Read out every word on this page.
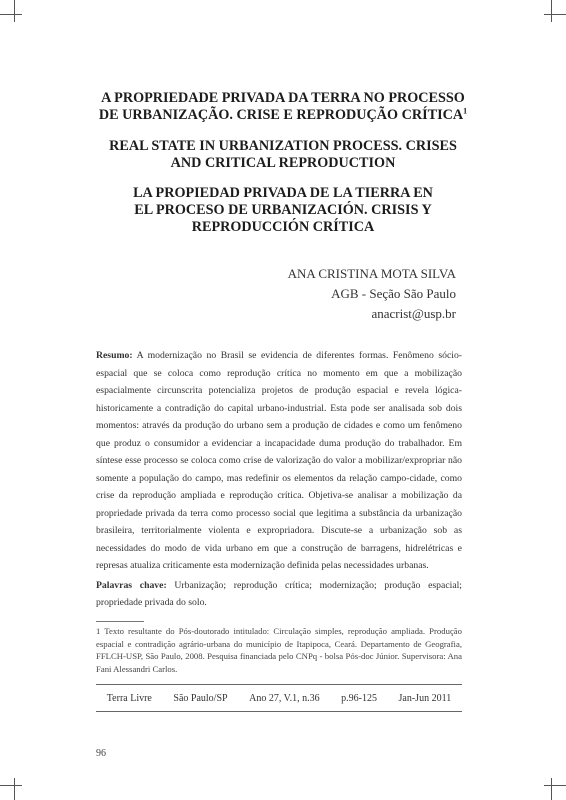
A PROPRIEDADE PRIVADA DA TERRA NO PROCESSO
DE URBANIZAÇÃO. CRISE E REPRODUÇÃO CRÍTICA$^1$
REAL STATE IN URBANIZATION PROCESS. CRISES
AND CRITICAL REPRODUCTION
LA PROPIEDAD PRIVADA DE LA TIERRA EN
EL PROCESO DE URBANIZACIÓN. CRISIS Y
REPRODUCCIÓN CRÍTICA
ANA CRISTINA MOTA SILVA
AGB - Seção São Paulo
anacrist@usp.br

Resumo: A modernização no Brasil se evidencia de diferentes formas. Fenômeno sócio-espacial que se coloca como reprodução crítica no momento em que a mobilização espacialmente circunscrita potencializa projetos de produção espacial e revela lógica-historicamente a contradição do capital urbano-industrial. Esta pode ser analisada sob dois momentos: através da produção do urbano sem a produção de cidades e como um fenômeno que produz o consumidor a evidenciar a incapacidade duma produção do trabalhador. Em síntese esse processo se coloca como crise de valorização do valor a mobilizar/expropriar não somente a população do campo, mas redefinir os elementos da relação campo-cidade, como crise da reprodução ampliada e reprodução crítica. Objetiva-se analisar a mobilização da propriedade privada da terra como processo social que legitima a substância da urbanização brasileira, territorialmente violenta e expropriadora. Discute-se a urbanização sob as necessidades do modo de vida urbano em que a construção de barragens, hidrelétricas e represas atualiza criticamente esta modernização definida pelas necessidades urbanas.

Palavras chave: Urbanização; reprodução crítica; modernização; produção espacial; propriedade privada do solo.

1 Texto resultante do Pós-doutorado intitulado: Circulação simples, reprodução ampliada. Produção espacial e contradição agrário-urbana do município de Itapipoca, Ceará. Departamento de Geografia, FFLCH-USP, São Paulo, 2008. Pesquisa financiada pelo CNPq - bolsa Pós-doc Júnior. Supervisora: Ana Fani Alessandri Carlos.

Terra Livre São Paulo/SP Ano 27, V.1, n.36 p.96-125 Jan-Jun 2011
96
